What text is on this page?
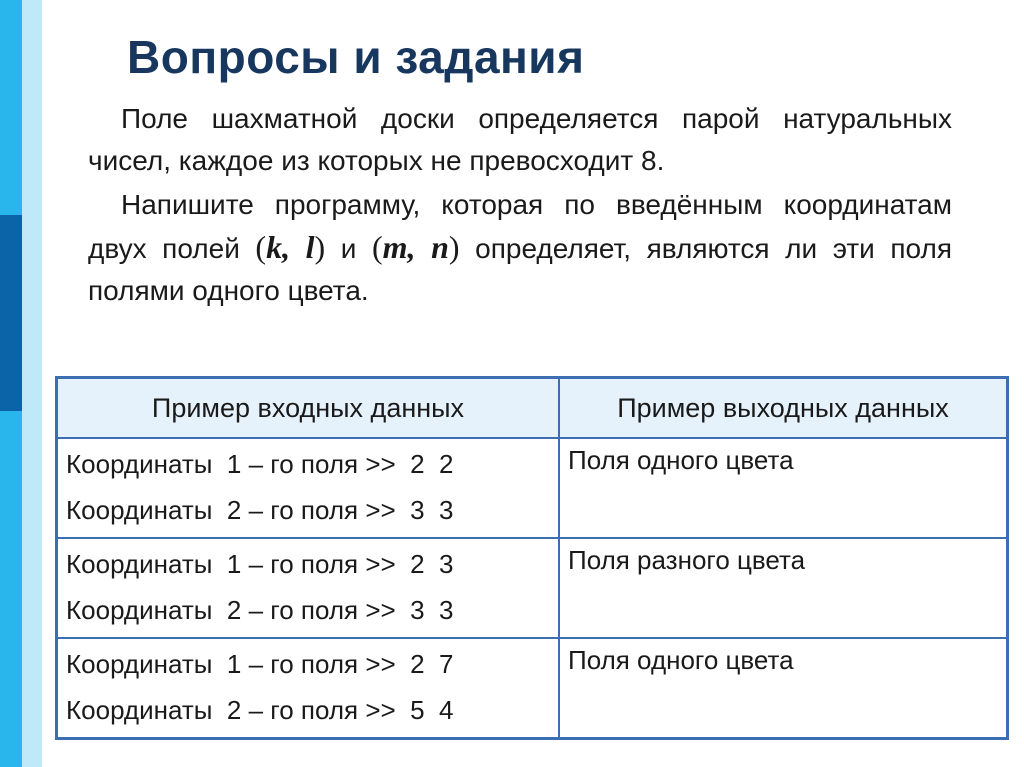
Вопросы и задания

Поле шахматной доски определяется парой натуральных чисел, каждое из которых не превосходит 8.

Напишите программу, которая по введённым координатам двух полей (k, l) и (m, n) определяет, являются ли эти поля полями одного цвета.

Пример входных данных	Пример выходных данных

Координаты  1 – го поля >>  2  2
Координаты  2 – го поля >>  3  3	Поля одного цвета

Координаты  1 – го поля >>  2  3
Координаты  2 – го поля >>  3  3	Поля разного цвета

Координаты  1 – го поля >>  2  7
Координаты  2 – го поля >>  5  4	Поля одного цвета
